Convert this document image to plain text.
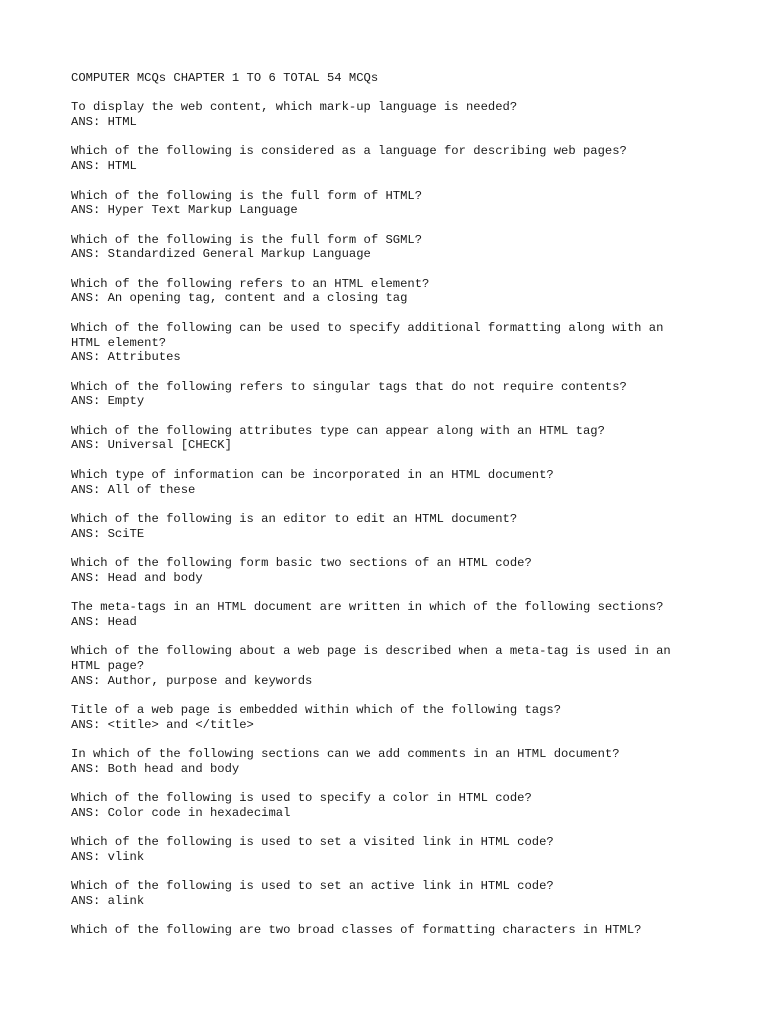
COMPUTER MCQs CHAPTER 1 TO 6 TOTAL 54 MCQs
To display the web content, which mark-up language is needed?
ANS: HTML
Which of the following is considered as a language for describing web pages?
ANS: HTML
Which of the following is the full form of HTML?
ANS: Hyper Text Markup Language
Which of the following is the full form of SGML?
ANS: Standardized General Markup Language
Which of the following refers to an HTML element?
ANS: An opening tag, content and a closing tag
Which of the following can be used to specify additional formatting along with an
HTML element?
ANS: Attributes
Which of the following refers to singular tags that do not require contents?
ANS: Empty
Which of the following attributes type can appear along with an HTML tag?
ANS: Universal [CHECK]
Which type of information can be incorporated in an HTML document?
ANS: All of these
Which of the following is an editor to edit an HTML document?
ANS: SciTE
Which of the following form basic two sections of an HTML code?
ANS: Head and body
The meta-tags in an HTML document are written in which of the following sections?
ANS: Head
Which of the following about a web page is described when a meta-tag is used in an
HTML page?
ANS: Author, purpose and keywords
Title of a web page is embedded within which of the following tags?
ANS: <title> and </title>
In which of the following sections can we add comments in an HTML document?
ANS: Both head and body
Which of the following is used to specify a color in HTML code?
ANS: Color code in hexadecimal
Which of the following is used to set a visited link in HTML code?
ANS: vlink
Which of the following is used to set an active link in HTML code?
ANS: alink
Which of the following are two broad classes of formatting characters in HTML?
